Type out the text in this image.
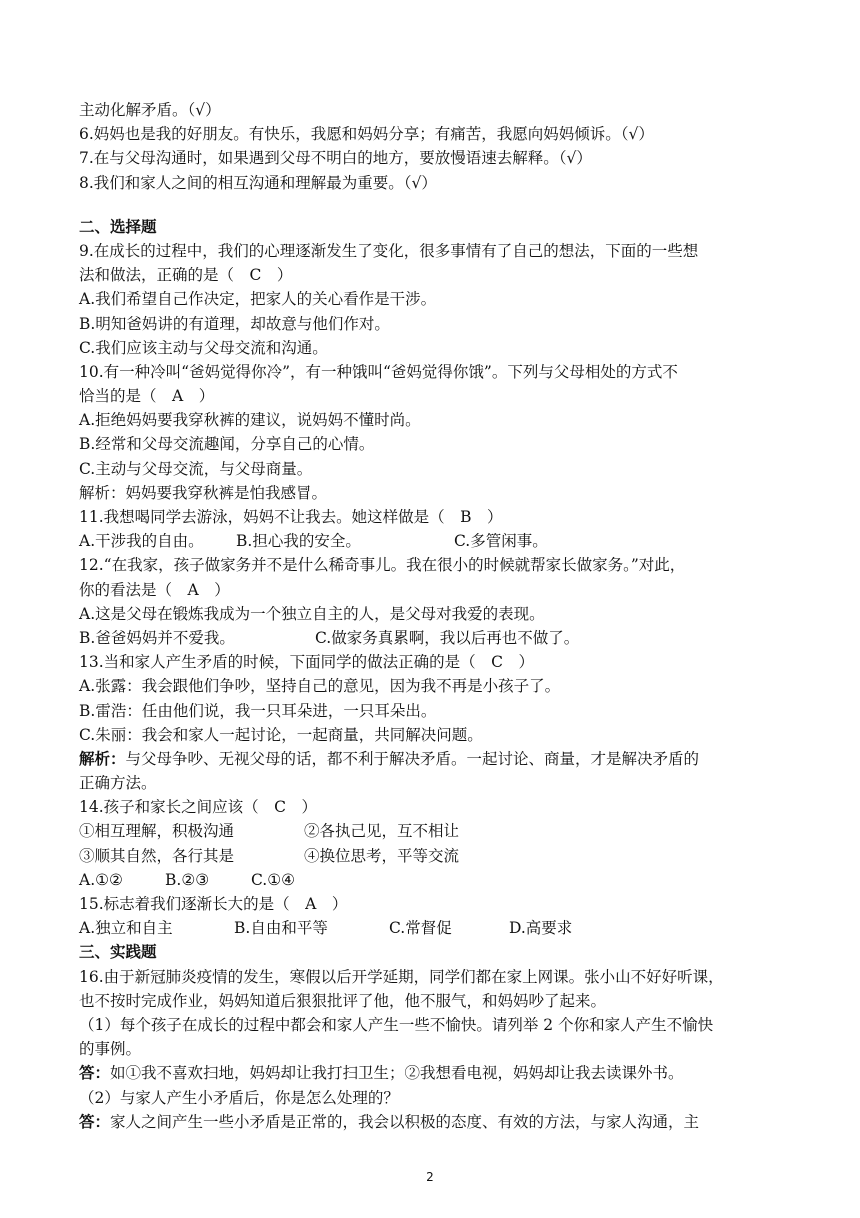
主动化解矛盾。（√）
6.妈妈也是我的好朋友。有快乐，我愿和妈妈分享；有痛苦，我愿向妈妈倾诉。（√）
7.在与父母沟通时，如果遇到父母不明白的地方，要放慢语速去解释。（√）
8.我们和家人之间的相互沟通和理解最为重要。（√）
二、选择题
9.在成长的过程中，我们的心理逐渐发生了变化，很多事情有了自己的想法，下面的一些想
法和做法，正确的是（　C　）
A.我们希望自己作决定，把家人的关心看作是干涉。
B.明知爸妈讲的有道理，却故意与他们作对。
C.我们应该主动与父母交流和沟通。
10.有一种冷叫“爸妈觉得你冷”，有一种饿叫“爸妈觉得你饿”。下列与父母相处的方式不
恰当的是（　A　）
A.拒绝妈妈要我穿秋裤的建议，说妈妈不懂时尚。
B.经常和父母交流趣闻，分享自己的心情。
C.主动与父母交流，与父母商量。
解析：妈妈要我穿秋裤是怕我感冒。
11.我想喝同学去游泳，妈妈不让我去。她这样做是（　B　）
A.干涉我的自由。	B.担心我的安全。	C.多管闲事。
12.“在我家，孩子做家务并不是什么稀奇事儿。我在很小的时候就帮家长做家务。”对此，
你的看法是（　A　）
A.这是父母在锻炼我成为一个独立自主的人，是父母对我爱的表现。
B.爸爸妈妈并不爱我。	C.做家务真累啊，我以后再也不做了。
13.当和家人产生矛盾的时候，下面同学的做法正确的是（　C　）
A.张露：我会跟他们争吵，坚持自己的意见，因为我不再是小孩子了。
B.雷浩：任由他们说，我一只耳朵进，一只耳朵出。
C.朱丽：我会和家人一起讨论，一起商量，共同解决问题。
解析：与父母争吵、无视父母的话，都不利于解决矛盾。一起讨论、商量，才是解决矛盾的
正确方法。
14.孩子和家长之间应该（　C　）
①相互理解，积极沟通	②各执己见，互不相让
③顺其自然，各行其是	④换位思考，平等交流
A.①②	B.②③	C.①④
15.标志着我们逐渐长大的是（　A　）
A.独立和自主	B.自由和平等	C.常督促	D.高要求
三、实践题
16.由于新冠肺炎疫情的发生，寒假以后开学延期，同学们都在家上网课。张小山不好好听课，
也不按时完成作业，妈妈知道后狠狠批评了他，他不服气，和妈妈吵了起来。
（1）每个孩子在成长的过程中都会和家人产生一些不愉快。请列举 2 个你和家人产生不愉快
的事例。
答：如①我不喜欢扫地，妈妈却让我打扫卫生；②我想看电视，妈妈却让我去读课外书。
（2）与家人产生小矛盾后，你是怎么处理的？
答：家人之间产生一些小矛盾是正常的，我会以积极的态度、有效的方法，与家人沟通，主
2
